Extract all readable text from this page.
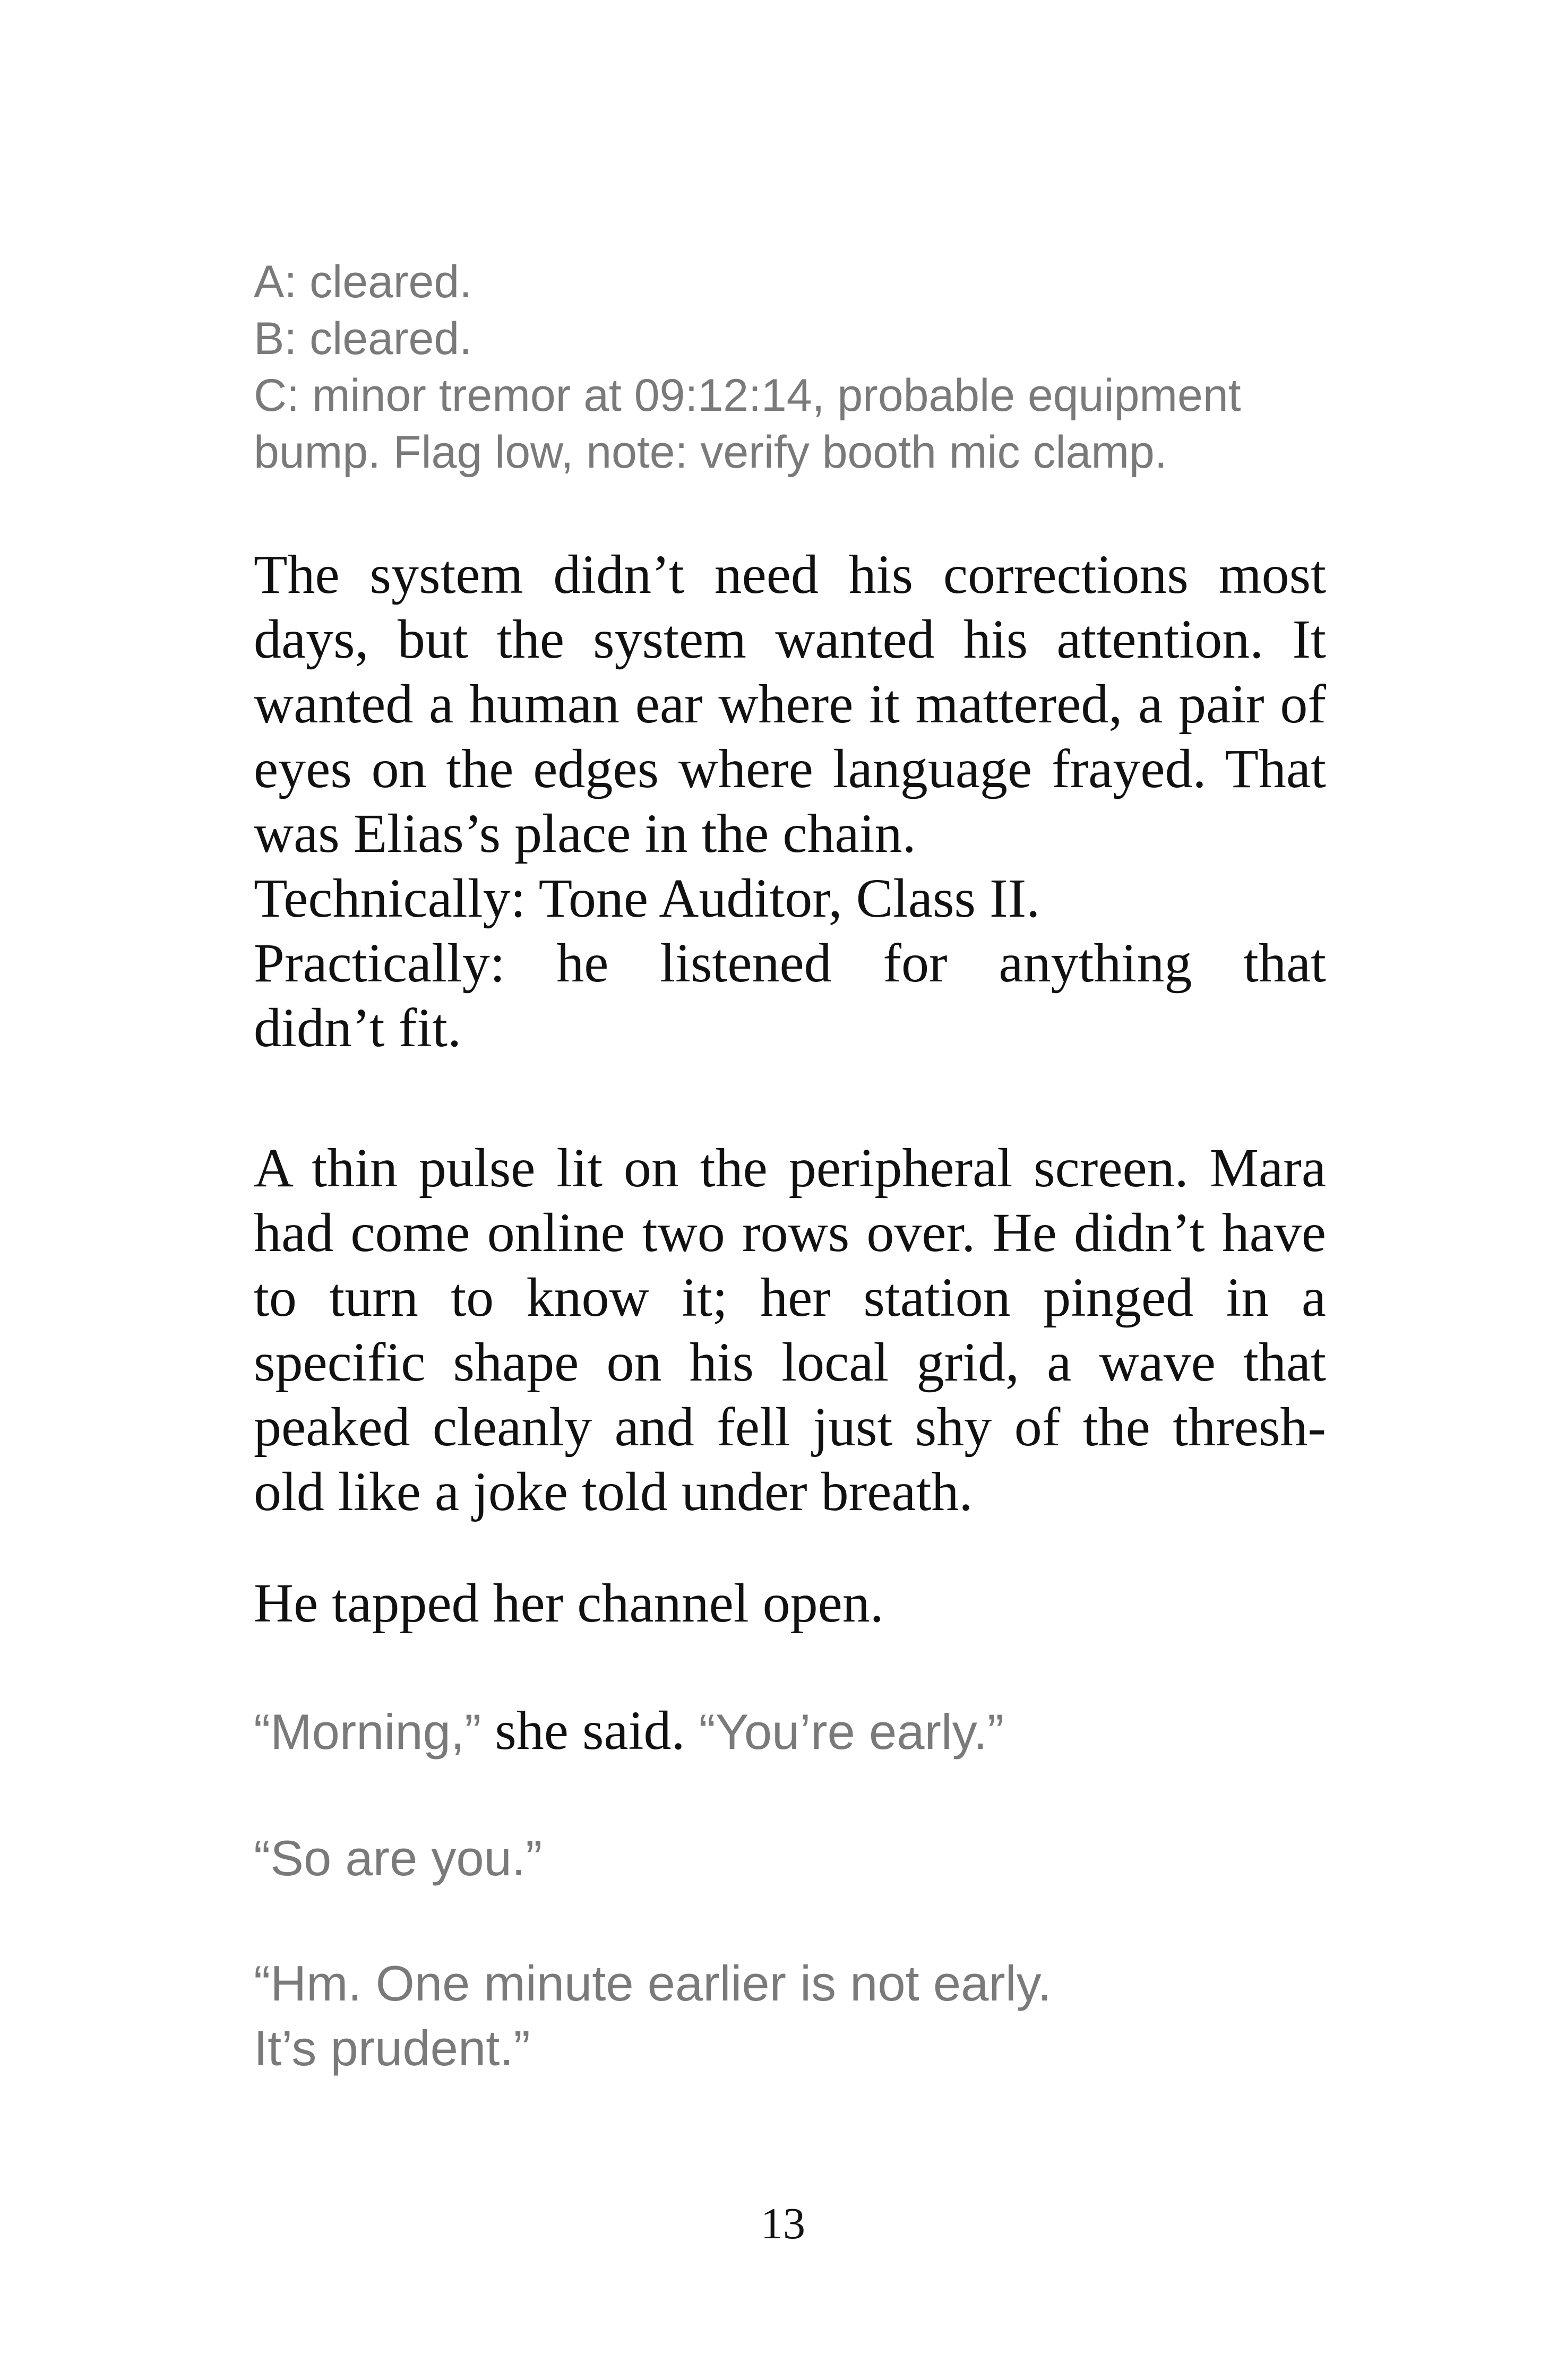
A: cleared.
B: cleared.
C: minor tremor at 09:12:14, probable equipment
bump. Flag low, note: verify booth mic clamp.
The system didn’t need his corrections most days, but the system wanted his attention. It wanted a human ear where it mattered, a pair of eyes on the edges where language frayed. That was Elias’s place in the chain.
Technically: Tone Auditor, Class II.
Practically: he listened for anything that
didn’t fit.
A thin pulse lit on the peripheral screen. Mara had come online two rows over. He didn’t have to turn to know it; her station pinged in a specific shape on his local grid, a wave that peaked cleanly and fell just shy of the thresh-old like a joke told under breath.
He tapped her channel open.
“Morning,” she said. “You’re early.”
“So are you.”
“Hm. One minute earlier is not early.
It’s prudent.”
13
